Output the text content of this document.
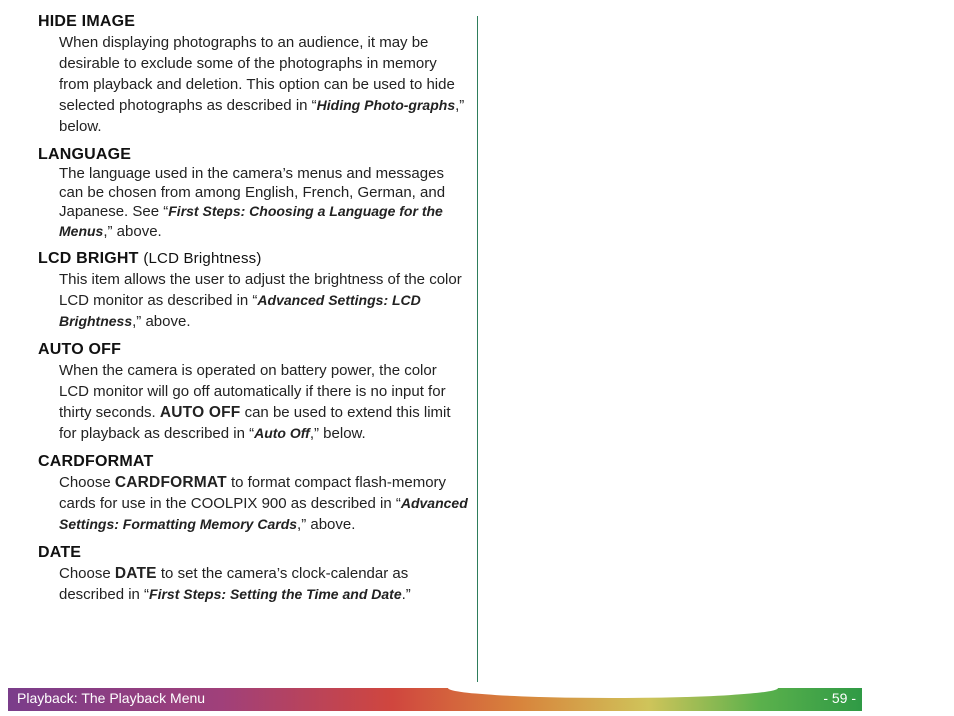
HIDE IMAGE
When displaying photographs to an audience, it may be desirable to exclude some of the photographs in memory from playback and deletion. This option can be used to hide selected photographs as described in “Hiding Photo-graphs,” below.
LANGUAGE
The language used in the camera’s menus and messages can be chosen from among English, French, German, and Japanese. See “First Steps: Choosing a Language for the Menus,” above.
LCD BRIGHT (LCD Brightness)
This item allows the user to adjust the brightness of the color LCD monitor as described in “Advanced Settings: LCD Brightness,” above.
AUTO OFF
When the camera is operated on battery power, the color LCD monitor will go off automatically if there is no input for thirty seconds. AUTO OFF can be used to extend this limit for playback as described in “Auto Off,” below.
CARDFORMAT
Choose CARDFORMAT to format compact flash-memory cards for use in the COOLPIX 900 as described in “Advanced Settings: Formatting Memory Cards,” above.
DATE
Choose DATE to set the camera’s clock-calendar as described in “First Steps: Setting the Time and Date.”
Playback: The Playback Menu	- 59 -
